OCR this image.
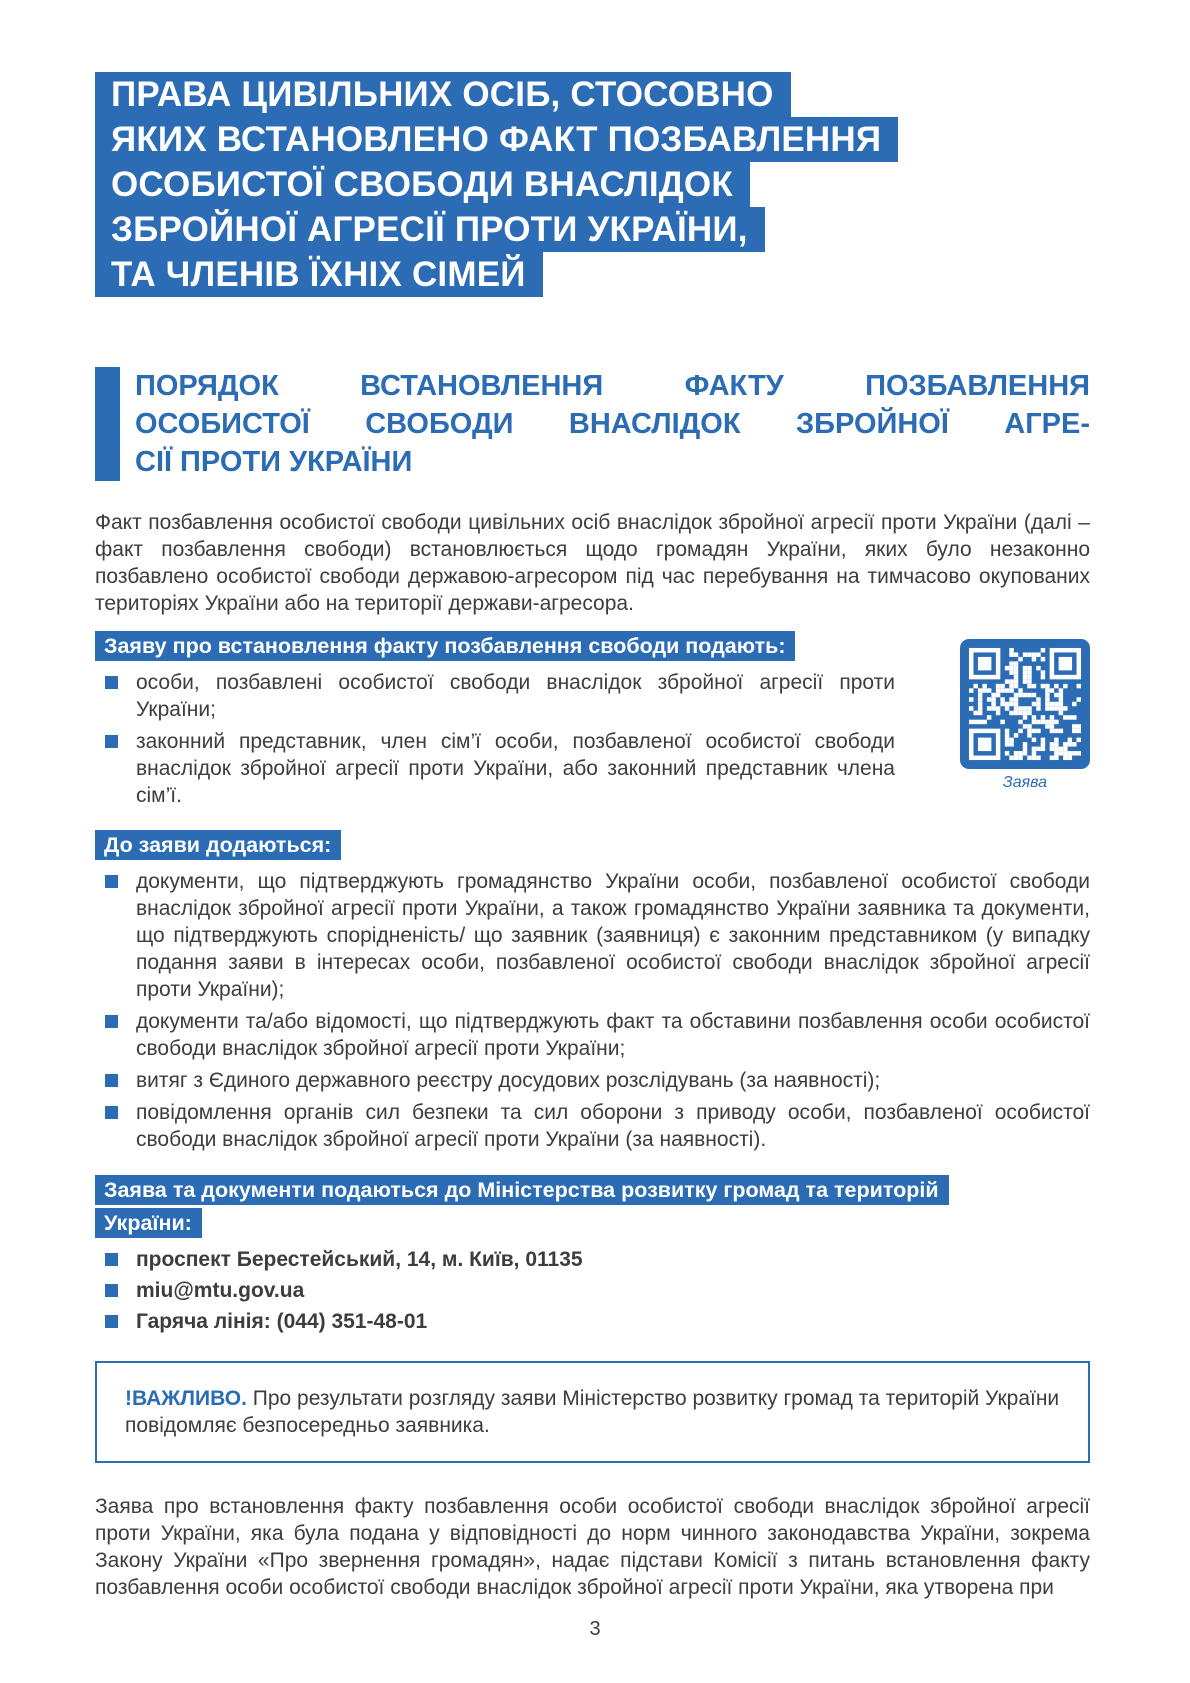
ПРАВА ЦИВІЛЬНИХ ОСІБ, СТОСОВНО
ЯКИХ ВСТАНОВЛЕНО ФАКТ ПОЗБАВЛЕННЯ
ОСОБИСТОЇ СВОБОДИ ВНАСЛІДОК
ЗБРОЙНОЇ АГРЕСІЇ ПРОТИ УКРАЇНИ,
ТА ЧЛЕНІВ ЇХНІХ СІМЕЙ
ПОРЯДОК ВСТАНОВЛЕННЯ ФАКТУ ПОЗБАВЛЕННЯ
ОСОБИСТОЇ СВОБОДИ ВНАСЛІДОК ЗБРОЙНОЇ АГРЕ-
СІЇ ПРОТИ УКРАЇНИ

Факт позбавлення особистої свободи цивільних осіб внаслідок збройної агресії проти України (далі – факт позбавлення свободи) встановлюється щодо громадян України, яких було незаконно позбавлено особистої свободи державою-агресором під час перебування на тимчасово окупованих територіях України або на території держави-агресора.

Заяву про встановлення факту позбавлення свободи подають:
особи, позбавлені особистої свободи внаслідок збройної агресії проти України;
законний представник, член сім’ї особи, позбавленої особистої свободи внаслідок збройної агресії проти України, або законний представник члена сім’ї.
Заява
До заяви додаються:
документи, що підтверджують громадянство України особи, позбавленої особистої свободи внаслідок збройної агресії проти України, а також громадянство України заявника та документи, що підтверджують спорідненість/ що заявник (заявниця) є законним представником (у випадку подання заяви в інтересах особи, позбавленої особистої свободи внаслідок збройної агресії проти України);
документи та/або відомості, що підтверджують факт та обставини позбавлення особи особистої свободи внаслідок збройної агресії проти України;
витяг з Єдиного державного реєстру досудових розслідувань (за наявності);
повідомлення органів сил безпеки та сил оборони з приводу особи, позбавленої особистої свободи внаслідок збройної агресії проти України (за наявності).
Заява та документи подаються до Міністерства розвитку громад та територій
України:
проспект Берестейський, 14, м. Київ, 01135
miu@mtu.gov.ua
Гаряча лінія: (044) 351-48-01
!ВАЖЛИВО. Про результати розгляду заяви Міністерство розвитку громад та територій України повідомляє безпосередньо заявника.

Заява про встановлення факту позбавлення особи особистої свободи внаслідок збройної агресії проти України, яка була подана у відповідності до норм чинного законодавства України, зокрема Закону України «Про звернення громадян», надає підстави Комісії з питань встановлення факту позбавлення особи особистої свободи внаслідок збройної агресії проти України, яка утворена при

3
